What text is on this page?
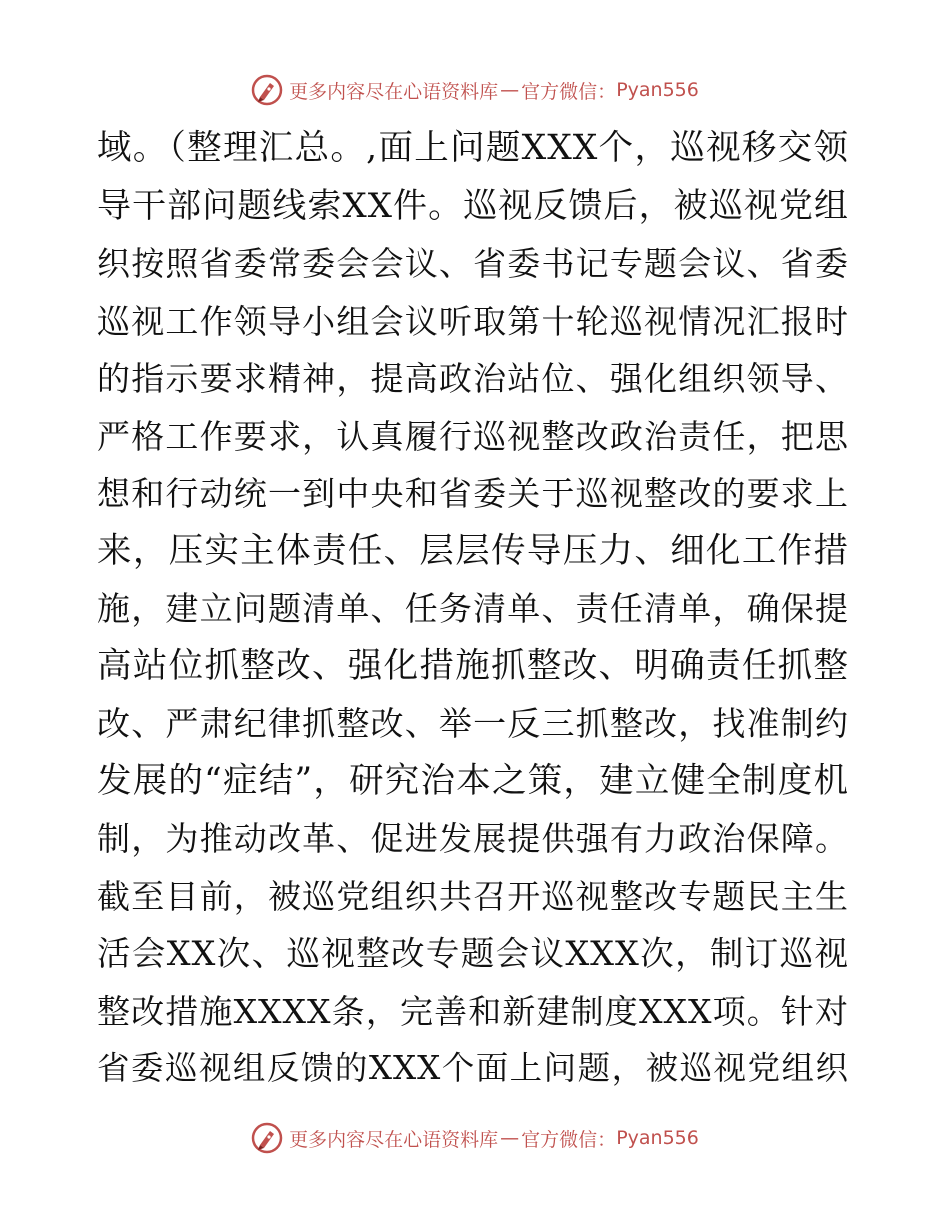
更多内容尽在心语资料库 — 官方微信： Pyan556
域。（整理汇总。,面上问题XXX个，巡视移交领
导干部问题线索XX件。巡视反馈后，被巡视党组
织按照省委常委会会议、省委书记专题会议、省委
巡视工作领导小组会议听取第十轮巡视情况汇报时
的指示要求精神，提高政治站位、强化组织领导、
严格工作要求，认真履行巡视整改政治责任，把思
想和行动统一到中央和省委关于巡视整改的要求上
来，压实主体责任、层层传导压力、细化工作措
施，建立问题清单、任务清单、责任清单，确保提
高站位抓整改、强化措施抓整改、明确责任抓整
改、严肃纪律抓整改、举一反三抓整改，找准制约
发展的“症结”，研究治本之策，建立健全制度机
制，为推动改革、促进发展提供强有力政治保障。
截至目前，被巡党组织共召开巡视整改专题民主生
活会XX次、巡视整改专题会议XXX次，制订巡视
整改措施XXXX条，完善和新建制度XXX项。针对
省委巡视组反馈的XXX个面上问题，被巡视党组织
更多内容尽在心语资料库 — 官方微信： Pyan556
